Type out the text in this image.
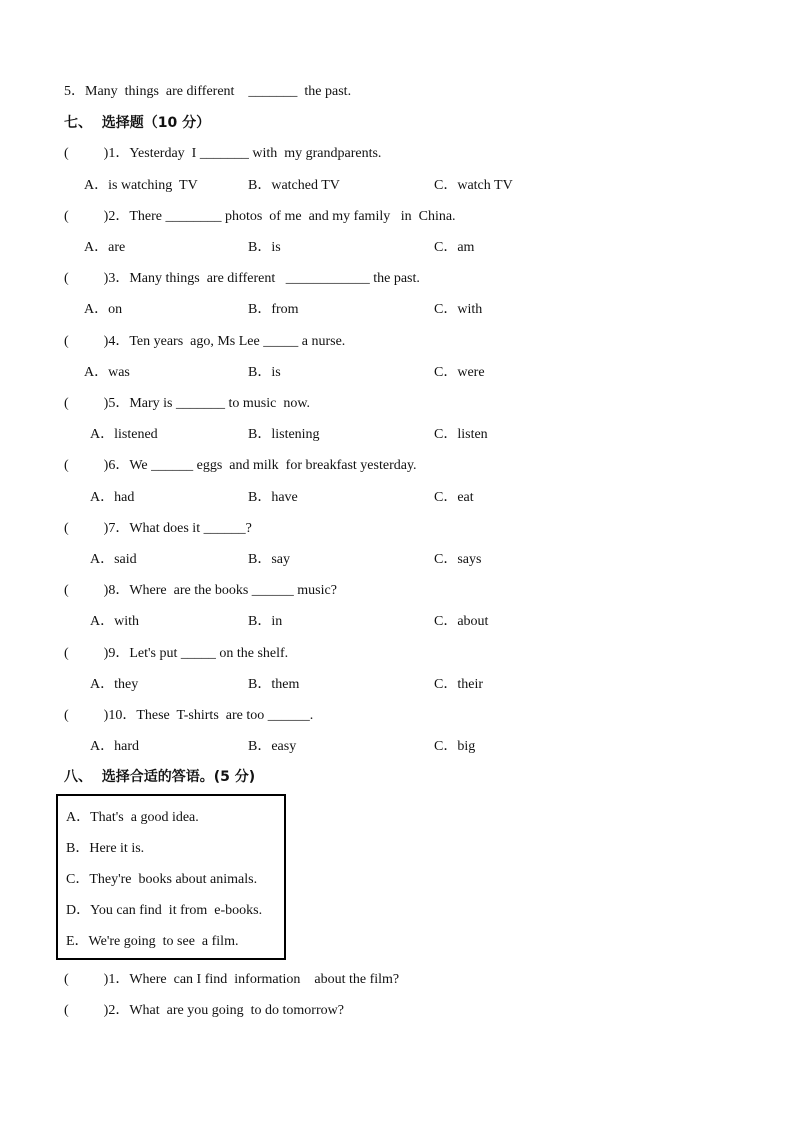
5．Many  things  are different    _______  the past.
七、  选择题（10 分）
(          )1．Yesterday  I _______ with  my grandparents.
A．is watching  TV	B．watched TV	C．watch TV
(          )2．There ________ photos  of me  and my family   in  China.
A．are	B．is	C．am
(          )3．Many things  are different   ____________ the past.
A．on	B．from	C．with
(          )4．Ten years  ago, Ms Lee _____ a nurse.
A．was	B．is	C．were
(          )5．Mary is _______ to music  now.
A．listened	B．listening	C．listen
(          )6．We ______ eggs  and milk  for breakfast yesterday.
A．had	B．have	C．eat
(          )7．What does it ______?
A．said	B．say	C．says
(          )8．Where  are the books ______ music?
A．with	B．in	C．about
(          )9．Let's put _____ on the shelf.
A．they	B．them	C．their
(          )10．These  T-shirts  are too ______.
A．hard	B．easy	C．big
八、  选择合适的答语。(5 分)
A．That's  a good idea.
B．Here it is.
C．They're  books about animals.
D．You can find  it from  e-books.
E．We're going  to see  a film.
(          )1．Where  can I find  information    about the film?
(          )2．What  are you going  to do tomorrow?
